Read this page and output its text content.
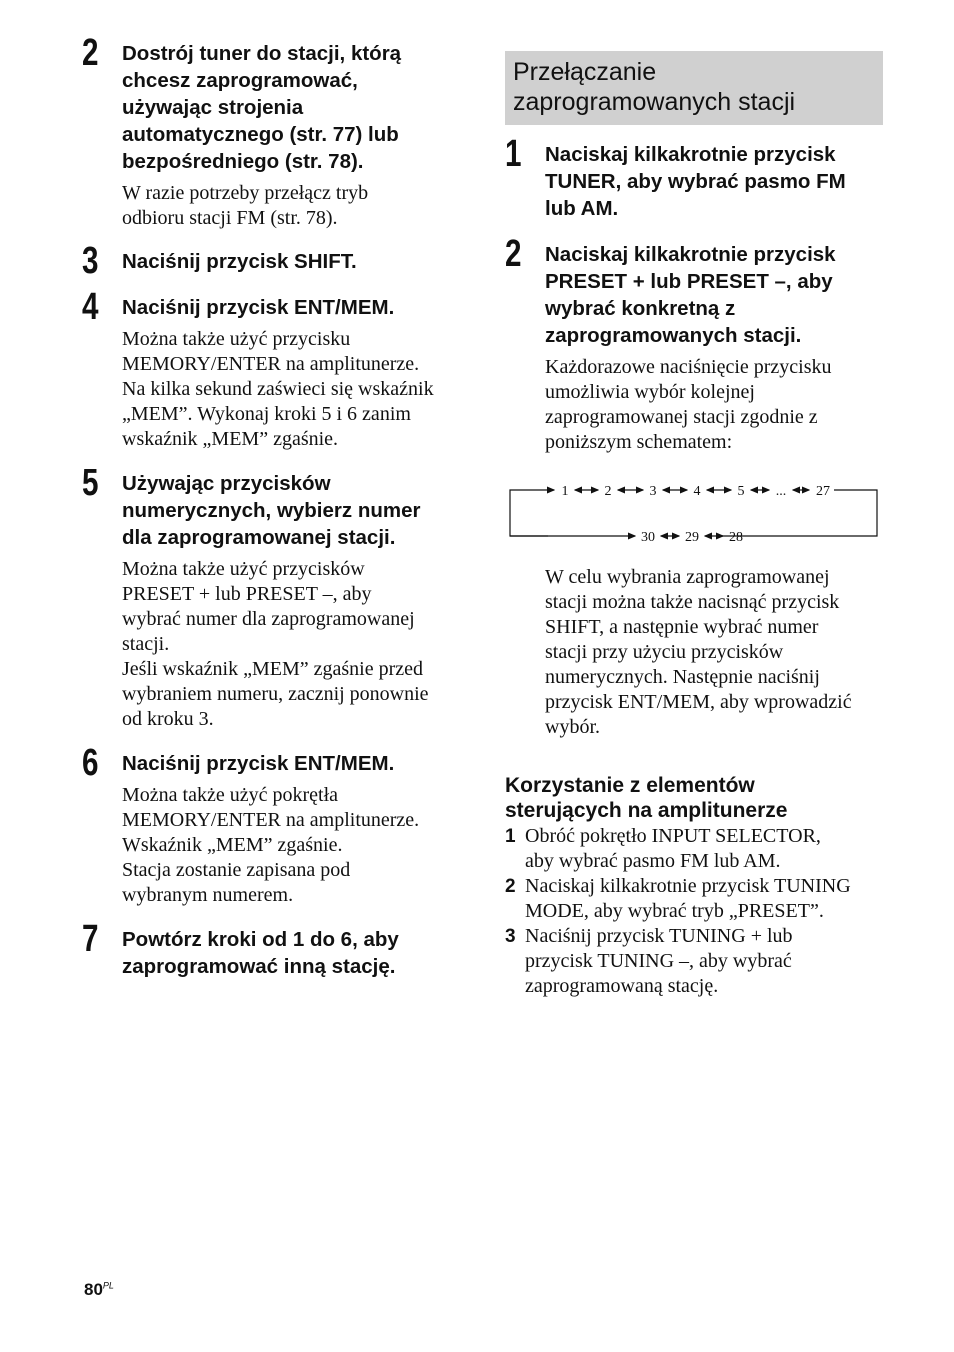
2 Dostrój tuner do stacji, którą
chcesz zaprogramować,
używając strojenia
automatycznego (str. 77) lub
bezpośredniego (str. 78).
W razie potrzeby przełącz tryb
odbioru stacji FM (str. 78).
3 Naciśnij przycisk SHIFT.
4 Naciśnij przycisk ENT/MEM.
Można także użyć przycisku
MEMORY/ENTER na amplitunerze.
Na kilka sekund zaświeci się wskaźnik
„MEM”. Wykonaj kroki 5 i 6 zanim
wskaźnik „MEM” zgaśnie.
5 Używając przycisków
numerycznych, wybierz numer
dla zaprogramowanej stacji.
Można także użyć przycisków
PRESET + lub PRESET –, aby
wybrać numer dla zaprogramowanej
stacji.
Jeśli wskaźnik „MEM” zgaśnie przed
wybraniem numeru, zacznij ponownie
od kroku 3.
6 Naciśnij przycisk ENT/MEM.
Można także użyć pokrętła
MEMORY/ENTER na amplitunerze.
Wskaźnik „MEM” zgaśnie.
Stacja zostanie zapisana pod
wybranym numerem.
7 Powtórz kroki od 1 do 6, aby
zaprogramować inną stację.
Przełączanie
zaprogramowanych stacji
1 Naciskaj kilkakrotnie przycisk
TUNER, aby wybrać pasmo FM
lub AM.
2 Naciskaj kilkakrotnie przycisk
PRESET + lub PRESET –, aby
wybrać konkretną z
zaprogramowanych stacji.
Każdorazowe naciśnięcie przycisku
umożliwia wybór kolejnej
zaprogramowanej stacji zgodnie z
poniższym schematem:
1	2	3	4	5 ... 27
30 29 28
W celu wybrania zaprogramowanej
stacji można także nacisnąć przycisk
SHIFT, a następnie wybrać numer
stacji przy użyciu przycisków
numerycznych. Następnie naciśnij
przycisk ENT/MEM, aby wprowadzić
wybór.
Korzystanie z elementów
sterujących na amplitunerze
1 Obróć pokrętło INPUT SELECTOR,
aby wybrać pasmo FM lub AM.
2 Naciskaj kilkakrotnie przycisk TUNING
MODE, aby wybrać tryb „PRESET”.
3 Naciśnij przycisk TUNING + lub
przycisk TUNING –, aby wybrać
zaprogramowaną stację.
$80^{PL}$
